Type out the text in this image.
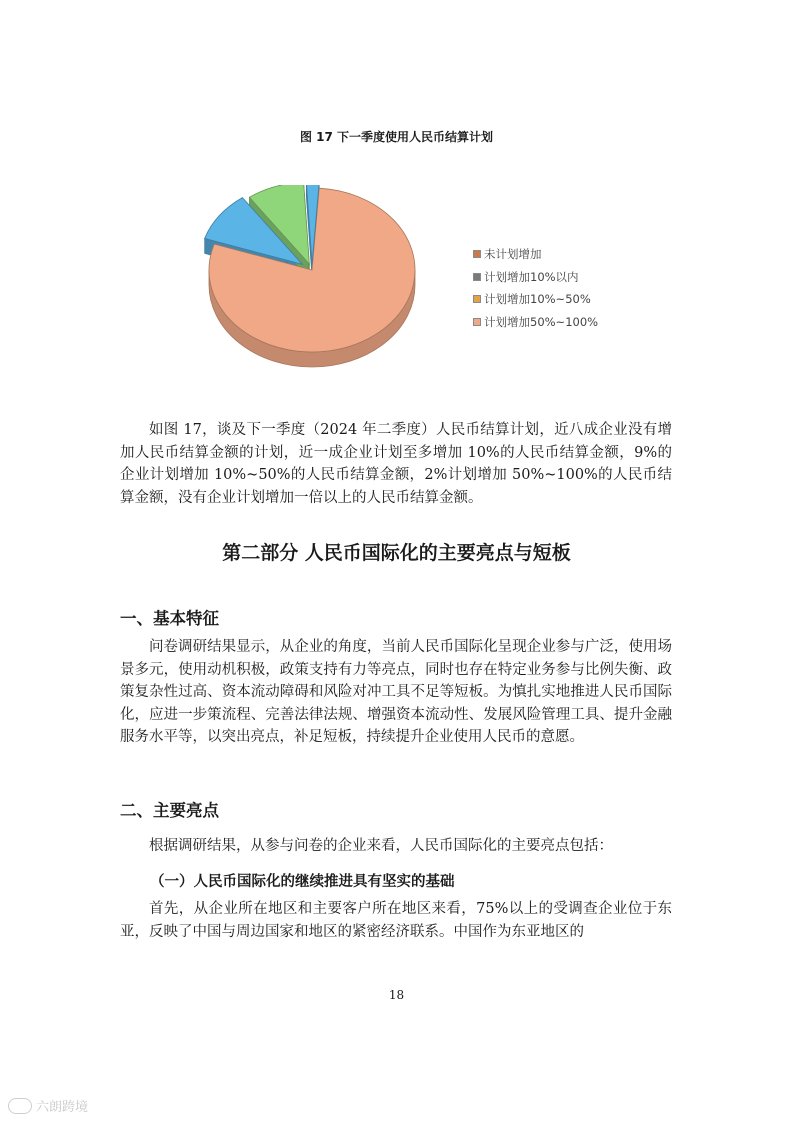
图 17 下一季度使用人民币结算计划
未计划增加
计划增加10%以内
计划增加10%~50%
计划增加50%~100%
如图 17，谈及下一季度（2024 年二季度）人民币结算计划，近八成企业没有增加人民币结算金额的计划，近一成企业计划至多增加 10%的人民币结算金额，9%的企业计划增加 10%~50%的人民币结算金额，2%计划增加 50%~100%的人民币结算金额，没有企业计划增加一倍以上的人民币结算金额。
第二部分 人民币国际化的主要亮点与短板
一、基本特征
问卷调研结果显示，从企业的角度，当前人民币国际化呈现企业参与广泛，使用场景多元，使用动机积极，政策支持有力等亮点，同时也存在特定业务参与比例失衡、政策复杂性过高、资本流动障碍和风险对冲工具不足等短板。为慎扎实地推进人民币国际化，应进一步策流程、完善法律法规、增强资本流动性、发展风险管理工具、提升金融服务水平等，以突出亮点，补足短板，持续提升企业使用人民币的意愿。
二、主要亮点
根据调研结果，从参与问卷的企业来看，人民币国际化的主要亮点包括：
（一）人民币国际化的继续推进具有坚实的基础
首先，从企业所在地区和主要客户所在地区来看，75%以上的受调查企业位于东亚，反映了中国与周边国家和地区的紧密经济联系。中国作为东亚地区的
18
六朗跨境
